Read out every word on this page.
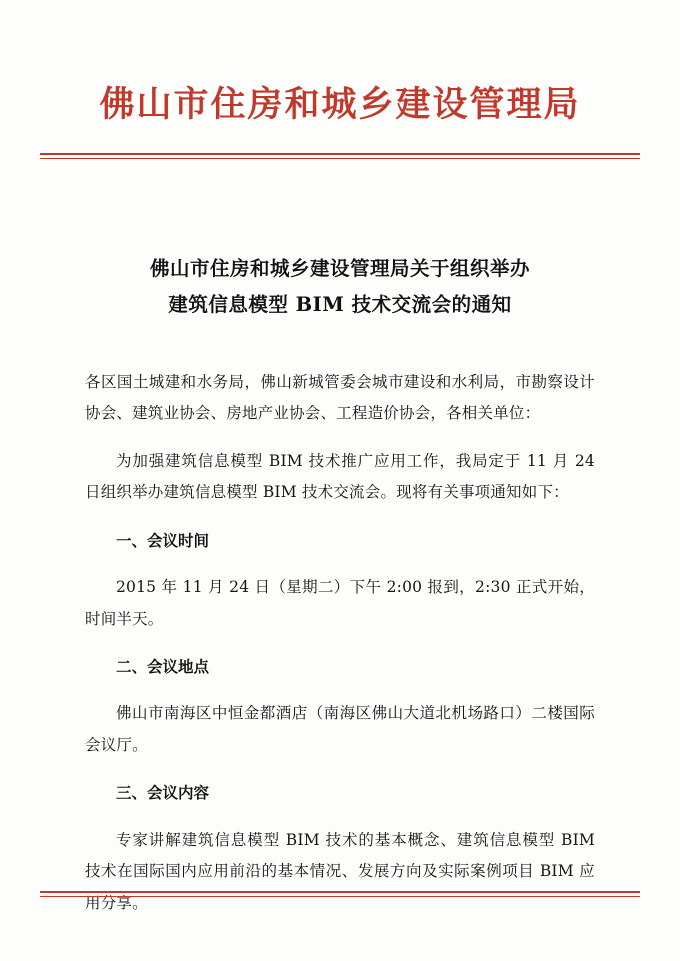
佛山市住房和城乡建设管理局
佛山市住房和城乡建设管理局关于组织举办
建筑信息模型 BIM 技术交流会的通知

各区国土城建和水务局，佛山新城管委会城市建设和水利局，市勘察设计协会、建筑业协会、房地产业协会、工程造价协会，各相关单位：

为加强建筑信息模型 BIM 技术推广应用工作，我局定于 11 月 24 日组织举办建筑信息模型 BIM 技术交流会。现将有关事项通知如下：

一、会议时间

2015 年 11 月 24 日（星期二）下午 2:00 报到，2:30 正式开始，时间半天。

二、会议地点

佛山市南海区中恒金都酒店（南海区佛山大道北机场路口）二楼国际会议厅。

三、会议内容

专家讲解建筑信息模型 BIM 技术的基本概念、建筑信息模型 BIM 技术在国际国内应用前沿的基本情况、发展方向及实际案例项目 BIM 应用分享。
